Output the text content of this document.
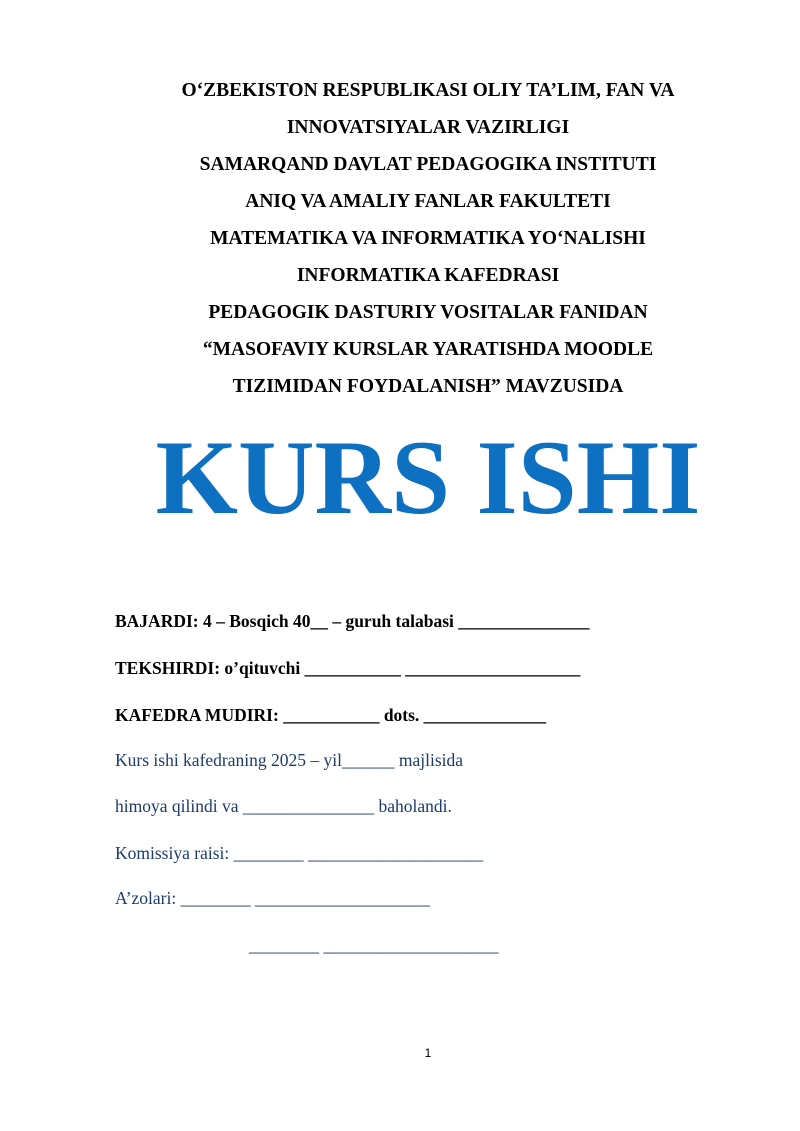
O‘ZBEKISTON RESPUBLIKASI OLIY TA’LIM, FAN VA

INNOVATSIYALAR VAZIRLIGI

SAMARQAND DAVLAT PEDAGOGIKA INSTITUTI

ANIQ VA AMALIY FANLAR FAKULTETI

MATEMATIKA VA INFORMATIKA YO‘NALISHI

INFORMATIKA KAFEDRASI

PEDAGOGIK DASTURIY VOSITALAR FANIDAN

“MASOFAVIY KURSLAR YARATISHDA MOODLE

TIZIMIDAN FOYDALANISH” MAVZUSIDA

KURS ISHI
BAJARDI: 4 – Bosqich 40__ – guruh talabasi _______________
TEKSHIRDI: o’qituvchi ___________ ____________________
KAFEDRA MUDIRI: ___________ dots. ______________
Kurs ishi kafedraning 2025 – yil______ majlisida
himoya qilindi va _______________ baholandi.
Komissiya raisi: ________ ____________________
A’zolari: ________ ____________________
________ ____________________
1
